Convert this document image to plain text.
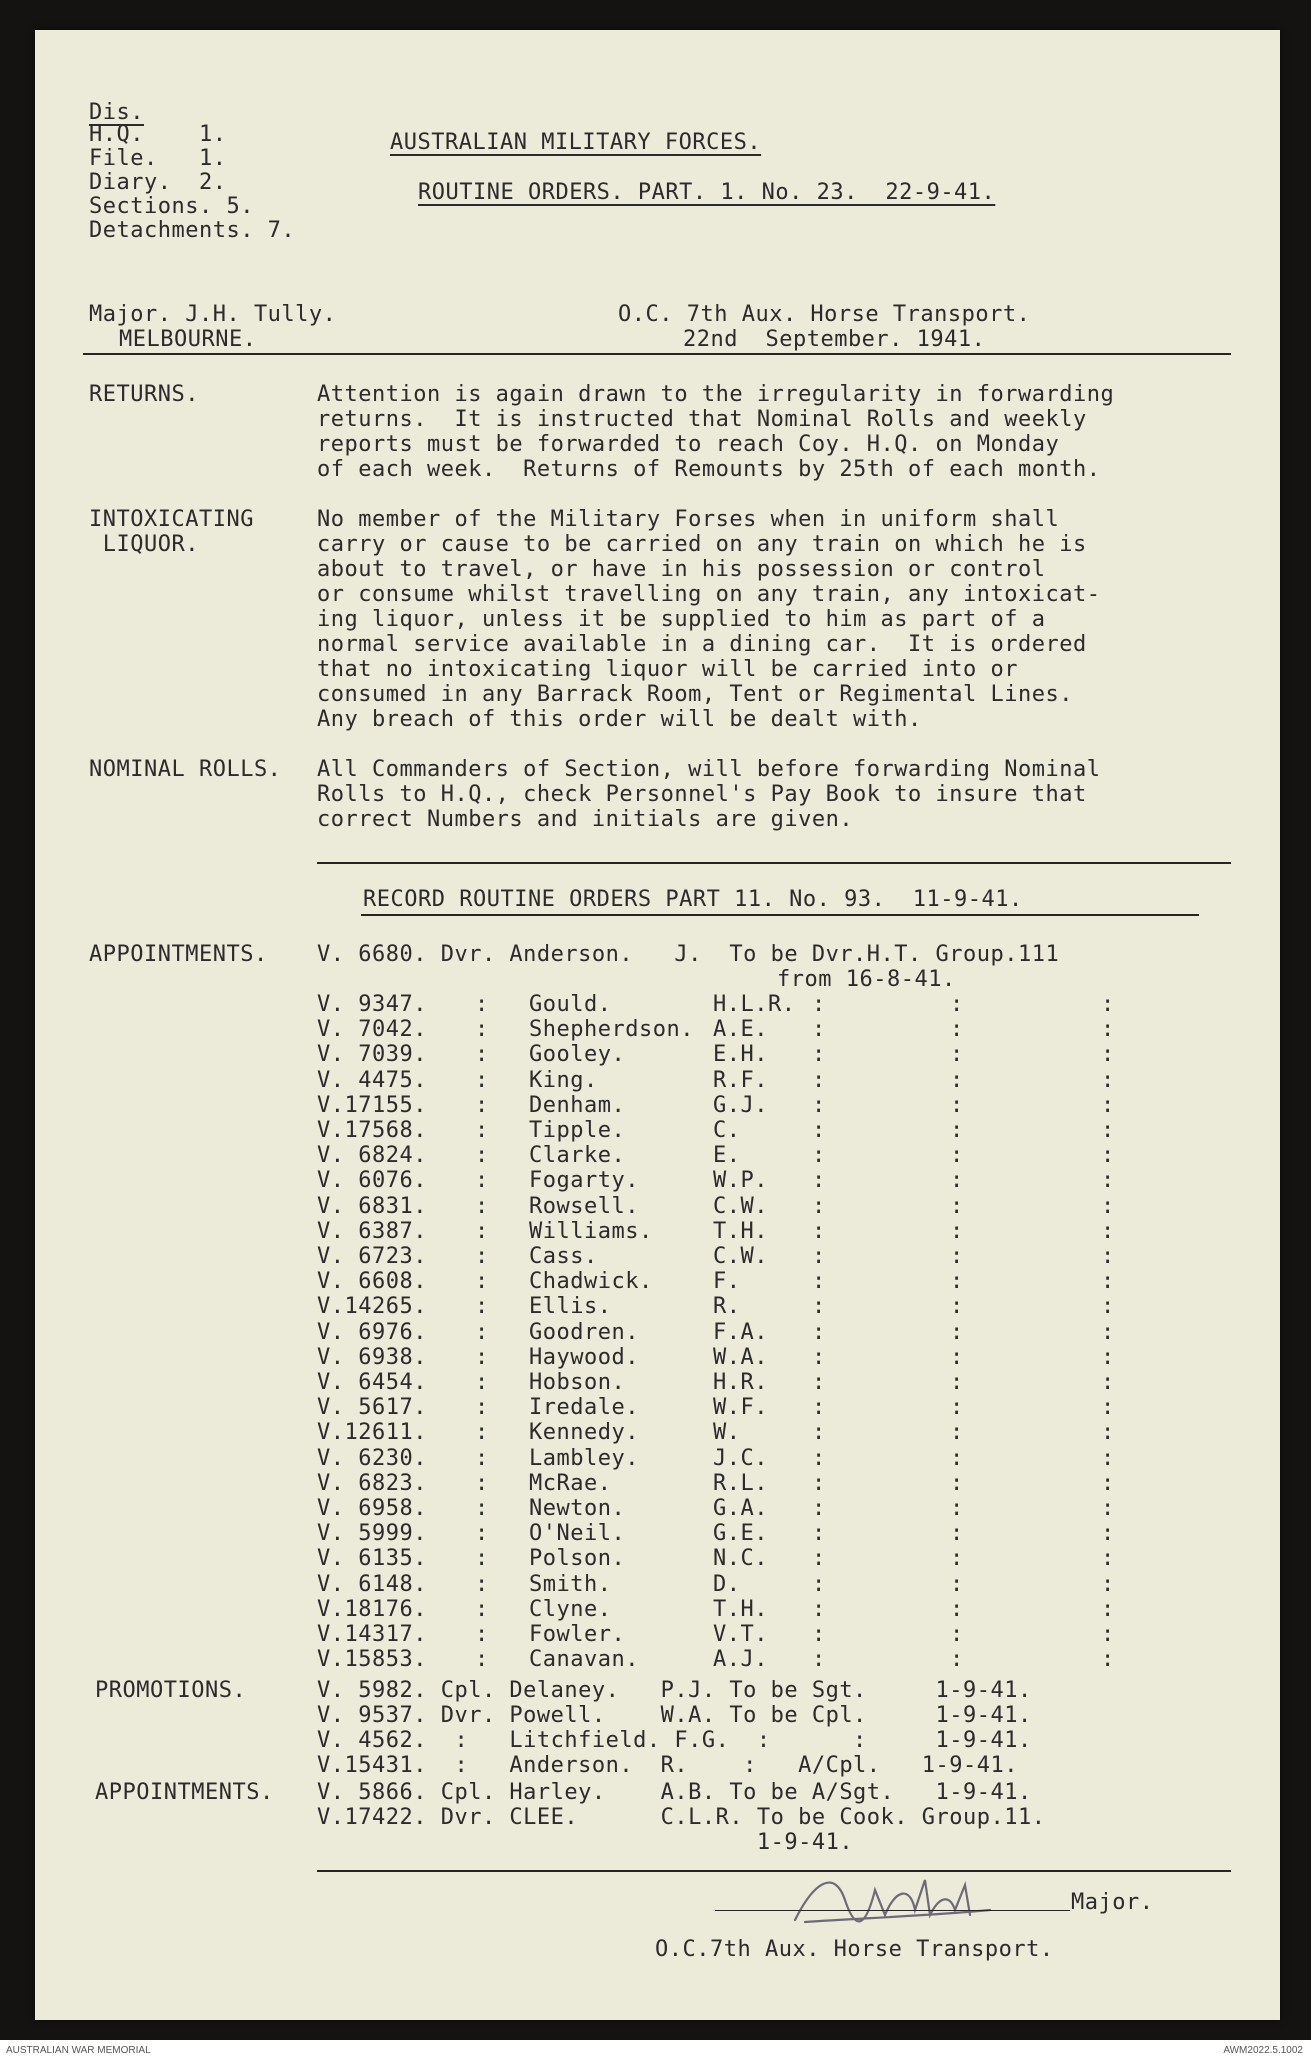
Dis.
H.Q.    1.
File.   1.
Diary.  2.
Sections. 5.
Detachments. 7.
AUSTRALIAN MILITARY FORCES.
ROUTINE ORDERS. PART. 1. No. 23.  22-9-41.
Major. J.H. Tully.
MELBOURNE.
O.C. 7th Aux. Horse Transport.
22nd  September. 1941.
RETURNS.	Attention is again drawn to the irregularity in forwarding
returns.  It is instructed that Nominal Rolls and weekly
reports must be forwarded to reach Coy. H.Q. on Monday
of each week.  Returns of Remounts by 25th of each month.
INTOXICATING
LIQUOR.
No member of the Military Forses when in uniform shall
carry or cause to be carried on any train on which he is
about to travel, or have in his possession or control
or consume whilst travelling on any train, any intoxicat-
ing liquor, unless it be supplied to him as part of a
normal service available in a dining car.  It is ordered
that no intoxicating liquor will be carried into or
consumed in any Barrack Room, Tent or Regimental Lines.
Any breach of this order will be dealt with.
NOMINAL ROLLS. All Commanders of Section, will before forwarding Nominal
Rolls to H.Q., check Personnel's Pay Book to insure that
correct Numbers and initials are given.
RECORD ROUTINE ORDERS PART 11. No. 93.  11-9-41.
APPOINTMENTS. V. 6680. Dvr. Anderson.   J.  To be Dvr.H.T. Group.111
from 16-8-41.
PROMOTIONS.	V. 5982. Cpl. Delaney.   P.J. To be Sgt.     1-9-41.
V. 9537. Dvr. Powell.    W.A. To be Cpl.     1-9-41.
V. 4562.  :   Litchfield. F.G.  :      :     1-9-41.
V.15431.  :   Anderson.  R.    :   A/Cpl.   1-9-41.
APPOINTMENTS. V. 5866. Cpl. Harley.    A.B. To be A/Sgt.   1-9-41.
V.17422. Dvr. CLEE.      C.L.R. To be Cook. Group.11.
1-9-41.
Major.
O.C.7th Aux. Horse Transport.
V. 9347. : Gould.	H.L.R. :	:	:
V. 7042. : Shepherdson. A.E. :	:	:
V. 7039. : Gooley.	E.H. :	:	:
V. 4475. : King.	R.F. :	:	:
V.17155. : Denham.	G.J. :	:	:
V.17568. : Tipple.	C.	:	:	:
V. 6824. : Clarke.	E.	:	:	:
V. 6076. : Fogarty.	W.P. :	:	:
V. 6831. : Rowsell.	C.W. :	:	:
V. 6387. : Williams.	T.H. :	:	:
V. 6723. : Cass.	C.W. :	:	:
V. 6608. : Chadwick.	F.	:	:	:
V.14265. : Ellis.	R.	:	:	:
V. 6976. : Goodren.	F.A. :	:	:
V. 6938. : Haywood.	W.A. :	:	:
V. 6454. : Hobson.	H.R. :	:	:
V. 5617. : Iredale.	W.F. :	:	:
V.12611. : Kennedy.	W.	:	:	:
V. 6230. : Lambley.	J.C. :	:	:
V. 6823. : McRae.	R.L. :	:	:
V. 6958. : Newton.	G.A. :	:	:
V. 5999. : O'Neil.	G.E. :	:	:
V. 6135. : Polson.	N.C. :	:	:
V. 6148. : Smith.	D.	:	:	:
V.18176. : Clyne.	T.H. :	:	:
V.14317. : Fowler.	V.T. :	:	:
V.15853. : Canavan.	A.J. :	:	:
AUSTRALIAN WAR MEMORIAL	AWM2022.5.1002
